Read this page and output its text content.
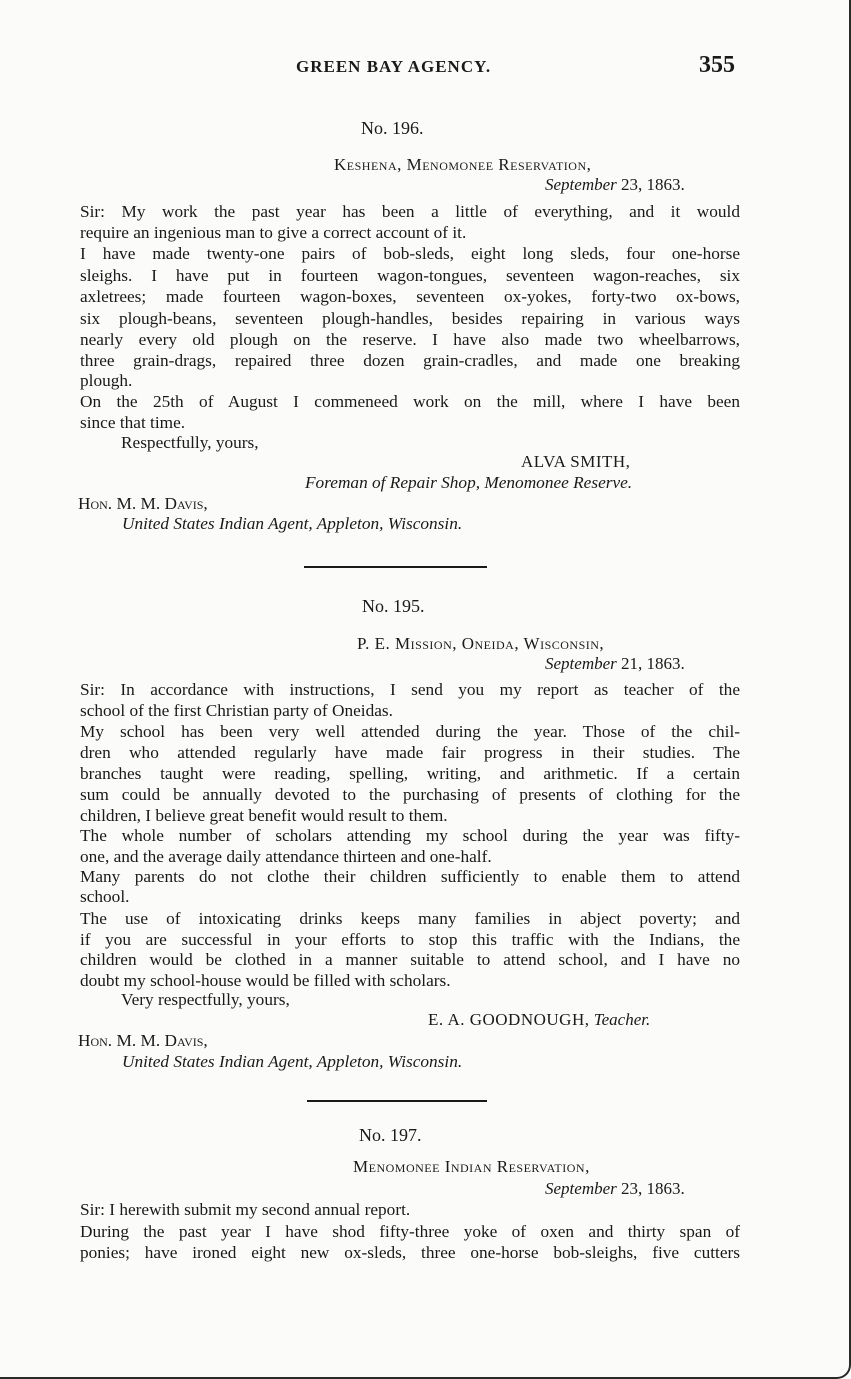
GREEN BAY AGENCY.	355
No. 196.
Keshena, Menomonee Reservation,
September 23, 1863.
Sir: My work the past year has been a little of everything, and it would
require an ingenious man to give a correct account of it.
I have made twenty-one pairs of bob-sleds, eight long sleds, four one-horse
sleighs. I have put in fourteen wagon-tongues, seventeen wagon-reaches, six
axletrees; made fourteen wagon-boxes, seventeen ox-yokes, forty-two ox-bows,
six plough-beans, seventeen plough-handles, besides repairing in various ways
nearly every old plough on the reserve. I have also made two wheelbarrows,
three grain-drags, repaired three dozen grain-cradles, and made one breaking
plough.
On the 25th of August I commeneed work on the mill, where I have been
since that time.
Respectfully, yours,
ALVA SMITH,
Foreman of Repair Shop, Menomonee Reserve.
Hon. M. M. Davis,
United States Indian Agent, Appleton, Wisconsin.
No. 195.
P. E. Mission, Oneida, Wisconsin,
September 21, 1863.
Sir: In accordance with instructions, I send you my report as teacher of the
school of the first Christian party of Oneidas.
My school has been very well attended during the year. Those of the chil-
dren who attended regularly have made fair progress in their studies. The
branches taught were reading, spelling, writing, and arithmetic. If a certain
sum could be annually devoted to the purchasing of presents of clothing for the
children, I believe great benefit would result to them.
The whole number of scholars attending my school during the year was fifty-
one, and the average daily attendance thirteen and one-half.
Many parents do not clothe their children sufficiently to enable them to attend
school.
The use of intoxicating drinks keeps many families in abject poverty; and
if you are successful in your efforts to stop this traffic with the Indians, the
children would be clothed in a manner suitable to attend school, and I have no
doubt my school-house would be filled with scholars.
Very respectfully, yours,
E. A. GOODNOUGH, Teacher.
Hon. M. M. Davis,
United States Indian Agent, Appleton, Wisconsin.
No. 197.
Menomonee Indian Reservation,
September 23, 1863.
Sir: I herewith submit my second annual report.
During the past year I have shod fifty-three yoke of oxen and thirty span of
ponies; have ironed eight new ox-sleds, three one-horse bob-sleighs, five cutters
